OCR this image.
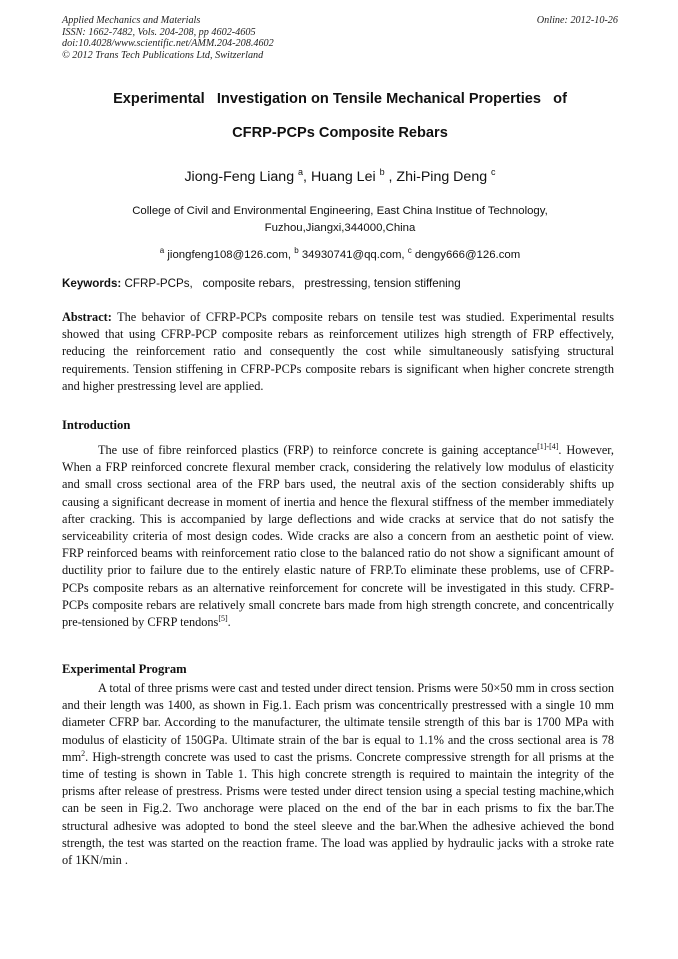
Applied Mechanics and Materials
ISSN: 1662-7482, Vols. 204-208, pp 4602-4605
doi:10.4028/www.scientific.net/AMM.204-208.4602
© 2012 Trans Tech Publications Ltd, Switzerland
Online: 2012-10-26
Experimental   Investigation on Tensile Mechanical Properties   of
CFRP-PCPs Composite Rebars
Jiong-Feng Liang $^a$, Huang Lei $^b$ , Zhi-Ping Deng $^c$
College of Civil and Environmental Engineering, East China Institue of Technology,
Fuzhou,Jiangxi,344000,China
$^a$ jiongfeng108@126.com, $^b$ 34930741@qq.com, $^c$ dengy666@126.com
Keywords: CFRP-PCPs,   composite rebars,   prestressing, tension stiffening

Abstract: The behavior of CFRP-PCPs composite rebars on tensile test was studied. Experimental results showed that using CFRP-PCP composite rebars as reinforcement utilizes high strength of FRP effectively, reducing the reinforcement ratio and consequently the cost while simultaneously satisfying structural requirements. Tension stiffening in CFRP-PCPs composite rebars is significant when higher concrete strength and higher prestressing level are applied.

Introduction

The use of fibre reinforced plastics (FRP) to reinforce concrete is gaining acceptance[1]-[4]. However, When a FRP reinforced concrete flexural member crack, considering the relatively low modulus of elasticity and small cross sectional area of the FRP bars used, the neutral axis of the section considerably shifts up causing a significant decrease in moment of inertia and hence the flexural stiffness of the member immediately after cracking. This is accompanied by large deflections and wide cracks at service that do not satisfy the serviceability criteria of most design codes. Wide cracks are also a concern from an aesthetic point of view. FRP reinforced beams with reinforcement ratio close to the balanced ratio do not show a significant amount of ductility prior to failure due to the entirely elastic nature of FRP.To eliminate these problems, use of CFRP-PCPs composite rebars as an alternative reinforcement for concrete will be investigated in this study. CFRP-PCPs composite rebars are relatively small concrete bars made from high strength concrete, and concentrically pre-tensioned by CFRP tendons[5].

Experimental Program

A total of three prisms were cast and tested under direct tension. Prisms were 50×50 mm in cross section and their length was 1400, as shown in Fig.1. Each prism was concentrically prestressed with a single 10 mm diameter CFRP bar. According to the manufacturer, the ultimate tensile strength of this bar is 1700 MPa with modulus of elasticity of 150GPa. Ultimate strain of the bar is equal to 1.1% and the cross sectional area is 78 $mm^2$. High-strength concrete was used to cast the prisms. Concrete compressive strength for all prisms at the time of testing is shown in Table 1. This high concrete strength is required to maintain the integrity of the prisms after release of prestress. Prisms were tested under direct tension using a special testing machine,which can be seen in Fig.2. Two anchorage were placed on the end of the bar in each prisms to fix the bar.The structural adhesive was adopted to bond the steel sleeve and the bar.When the adhesive achieved the bond strength, the test was started on the reaction frame. The load was applied by hydraulic jacks with a stroke rate of 1KN/min .
